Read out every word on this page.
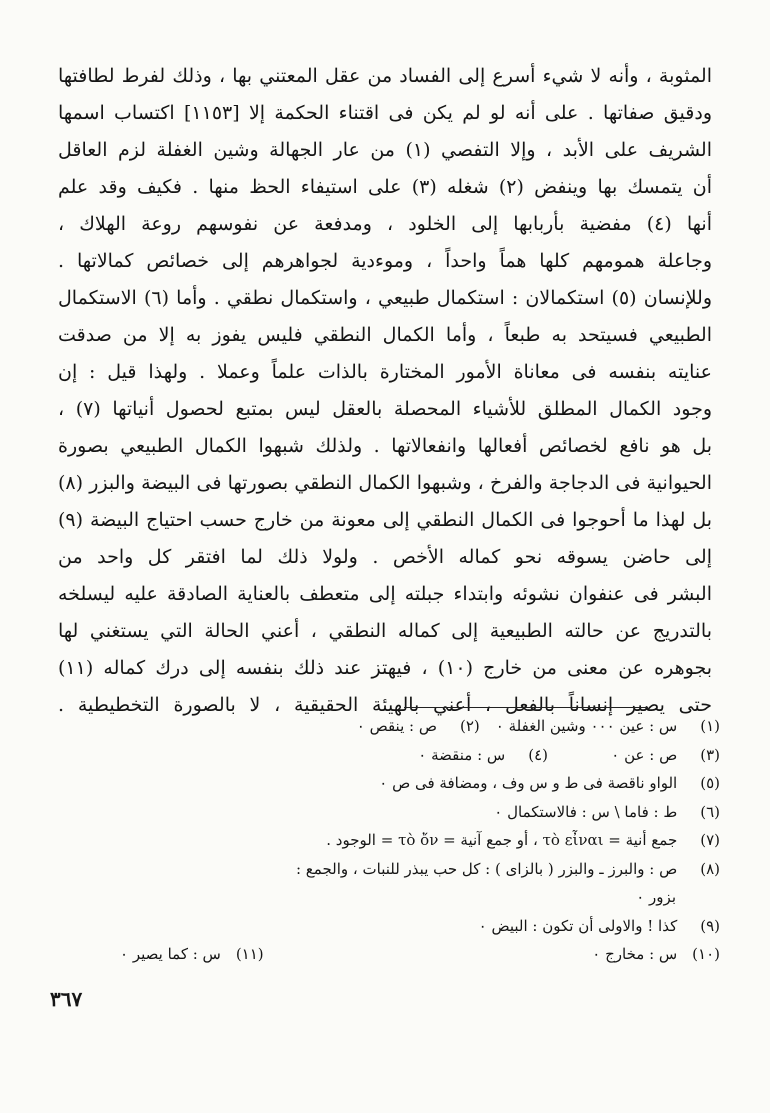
المثوبة ، وأنه لا شيء أسرع إلى الفساد من عقل المعتني بها ، وذلك لفرط لطافتها
ودقيق صفاتها . على أنه لو لم يكن فى اقتناء الحكمة إلا [١١٥٣] اكتساب اسمها
الشريف على الأبد ، وإلا التفصي (١) من عار الجهالة وشين الغفلة لزم العاقل
أن يتمسك بها وينفض (٢) شغله (٣) على استيفاء الحظ منها . فكيف وقد علم
أنها (٤) مفضية بأربابها إلى الخلود ، ومدفعة عن نفوسهم روعة الهلاك ،
وجاعلة همومهم كلها هماً واحداً ، وموءدية لجواهرهم إلى خصائص كمالاتها .
وللإنسان (٥) استكمالان : استكمال طبيعي ، واستكمال نطقي . وأما (٦) الاستكمال
الطبيعي فسيتحد به طبعاً ، وأما الكمال النطقي فليس يفوز به إلا من صدقت
عنايته بنفسه فى معاناة الأمور المختارة بالذات علماً وعملا . ولهذا قيل : إن
وجود الكمال المطلق للأشياء المحصلة بالعقل ليس بمتبع لحصول أنياتها (٧) ،
بل هو نافع لخصائص أفعالها وانفعالاتها . ولذلك شبهوا الكمال الطبيعي بصورة
الحيوانية فى الدجاجة والفرخ ، وشبهوا الكمال النطقي بصورتها فى البيضة والبزر (٨)
بل لهذا ما أحوجوا فى الكمال النطقي إلى معونة من خارج حسب احتياج البيضة (٩)
إلى حاضن يسوقه نحو كماله الأخص . ولولا ذلك لما افتقر كل واحد من
البشر فى عنفوان نشوئه وابتداء جبلته إلى متعطف بالعناية الصادقة عليه ليسلخه
بالتدريج عن حالته الطبيعية إلى كماله النطقي ، أعني الحالة التي يستغني لها
بجوهره عن معنى من خارج (١٠) ، فيهتز عند ذلك بنفسه إلى درك كماله (١١)
حتى يصير إنساناً بالفعل ، أعني بالهيئة الحقيقية ، لا بالصورة التخطيطية .
(١) س : عين ٠٠٠ وشين الغفلة ٠
(٢) ص : ينقص ٠
(٣) ص : عن ٠
(٤) س : منقضة ٠
(٥) الواو ناقصة فى ط و س وف ، ومضافة فى ص ٠
(٦) ط : فاما \ س : فالاستكمال ٠
(٧) جمع أنية = τὸ εἶναι ، أو جمع آنية = τὸ ὄν = الوجود .
(٨) ص : والبرز ـ والبزر ( بالزاى ) : كل حب يبذر للنبات ، والجمع :
بزور ٠
(٩) كذا ! والاولى أن تكون : البيض ٠
(١٠) س : مخارج ٠
(١١) س : كما يصير ٠
٣٦٧
